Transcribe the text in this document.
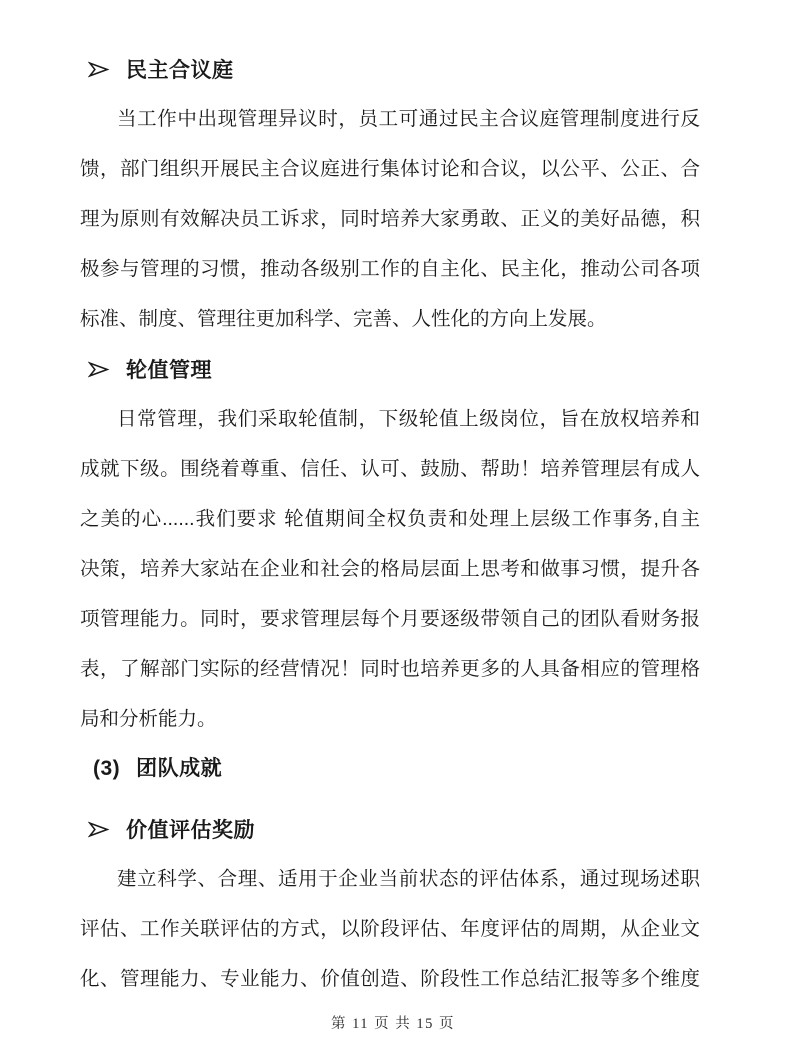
民主合议庭
当工作中出现管理异议时，员工可通过民主合议庭管理制度进行反
馈，部门组织开展民主合议庭进行集体讨论和合议，以公平、公正、合
理为原则有效解决员工诉求，同时培养大家勇敢、正义的美好品德，积
极参与管理的习惯，推动各级别工作的自主化、民主化，推动公司各项
标准、制度、管理往更加科学、完善、人性化的方向上发展。
轮值管理
日常管理，我们采取轮值制，下级轮值上级岗位，旨在放权培养和
成就下级。围绕着尊重、信任、认可、鼓励、帮助！培养管理层有成人
之美的心......我们要求 轮值期间全权负责和处理上层级工作事务,自主
决策，培养大家站在企业和社会的格局层面上思考和做事习惯，提升各
项管理能力。同时，要求管理层每个月要逐级带领自己的团队看财务报
表，了解部门实际的经营情况！同时也培养更多的人具备相应的管理格
局和分析能力。
(3) 团队成就
价值评估奖励
建立科学、合理、适用于企业当前状态的评估体系，通过现场述职
评估、工作关联评估的方式，以阶段评估、年度评估的周期，从企业文
化、管理能力、专业能力、价值创造、阶段性工作总结汇报等多个维度
第 11 页 共 15 页
